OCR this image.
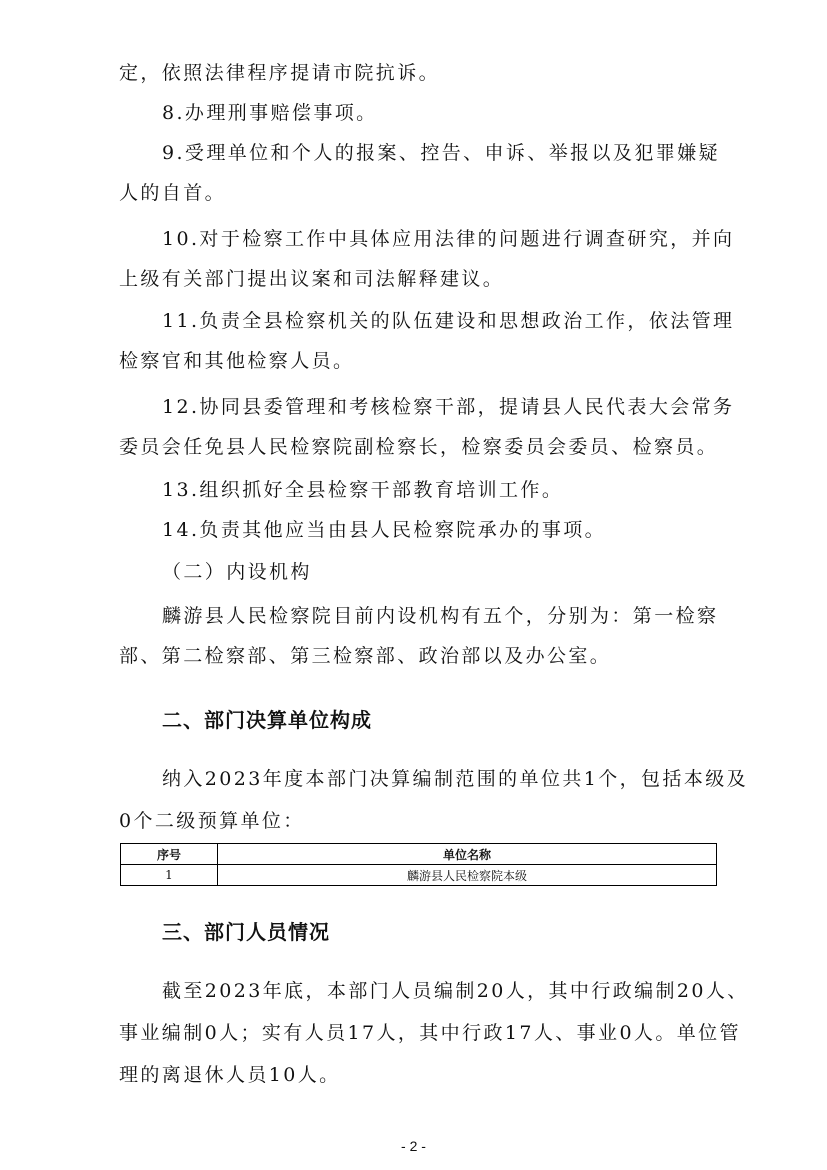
定，依照法律程序提请市院抗诉。
8.办理刑事赔偿事项。
9.受理单位和个人的报案、控告、申诉、举报以及犯罪嫌疑
人的自首。
10.对于检察工作中具体应用法律的问题进行调查研究，并向
上级有关部门提出议案和司法解释建议。
11.负责全县检察机关的队伍建设和思想政治工作，依法管理
检察官和其他检察人员。
12.协同县委管理和考核检察干部，提请县人民代表大会常务
委员会任免县人民检察院副检察长，检察委员会委员、检察员。
13.组织抓好全县检察干部教育培训工作。
14.负责其他应当由县人民检察院承办的事项。
（二）内设机构
麟游县人民检察院目前内设机构有五个，分别为：第一检察
部、第二检察部、第三检察部、政治部以及办公室。
二、部门决算单位构成
纳入2023年度本部门决算编制范围的单位共1个，包括本级及
0个二级预算单位：
序号	单位名称
1	麟游县人民检察院本级
三、部门人员情况
截至2023年底，本部门人员编制20人，其中行政编制20人、
事业编制0人；实有人员17人，其中行政17人、事业0人。单位管
理的离退休人员10人。
- 2 -
